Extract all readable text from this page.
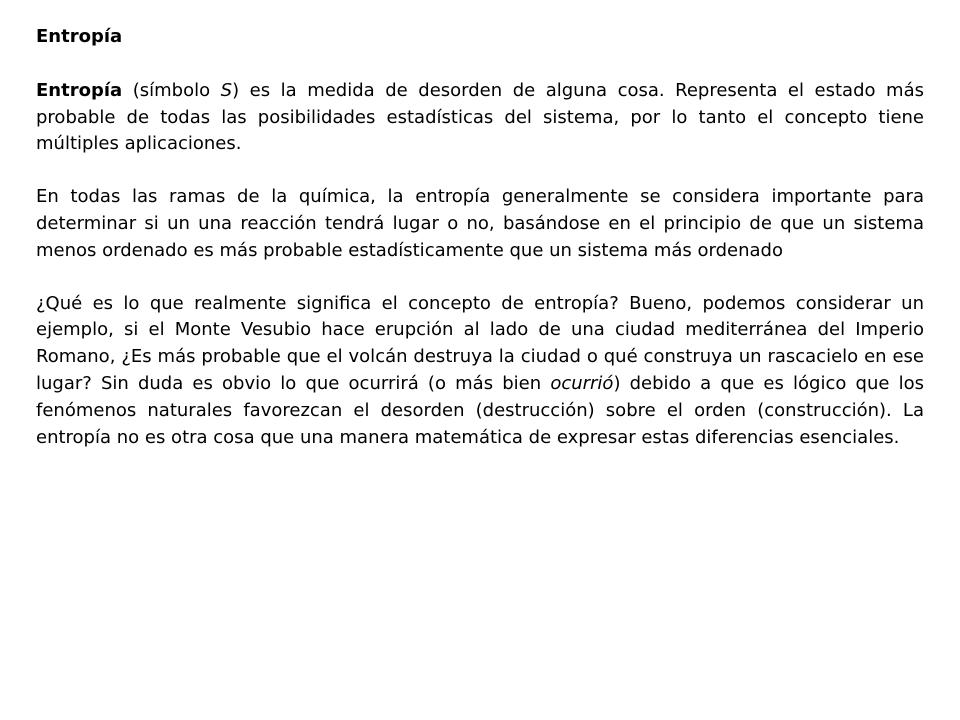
Entropía

Entropía (símbolo S) es la medida de desorden de alguna cosa. Representa el estado más probable de todas las posibilidades estadísticas del sistema, por lo tanto el concepto tiene múltiples aplicaciones.

En todas las ramas de la química, la entropía generalmente se considera importante para determinar si un una reacción tendrá lugar o no, basándose en el principio de que un sistema menos ordenado es más probable estadísticamente que un sistema más ordenado

¿Qué es lo que realmente significa el concepto de entropía? Bueno, podemos considerar un ejemplo, si el Monte Vesubio hace erupción al lado de una ciudad mediterránea del Imperio Romano, ¿Es más probable que el volcán destruya la ciudad o qué construya un rascacielo en ese lugar? Sin duda es obvio lo que ocurrirá (o más bien ocurrió) debido a que es lógico que los fenómenos naturales favorezcan el desorden (destrucción) sobre el orden (construcción). La entropía no es otra cosa que una manera matemática de expresar estas diferencias esenciales.
